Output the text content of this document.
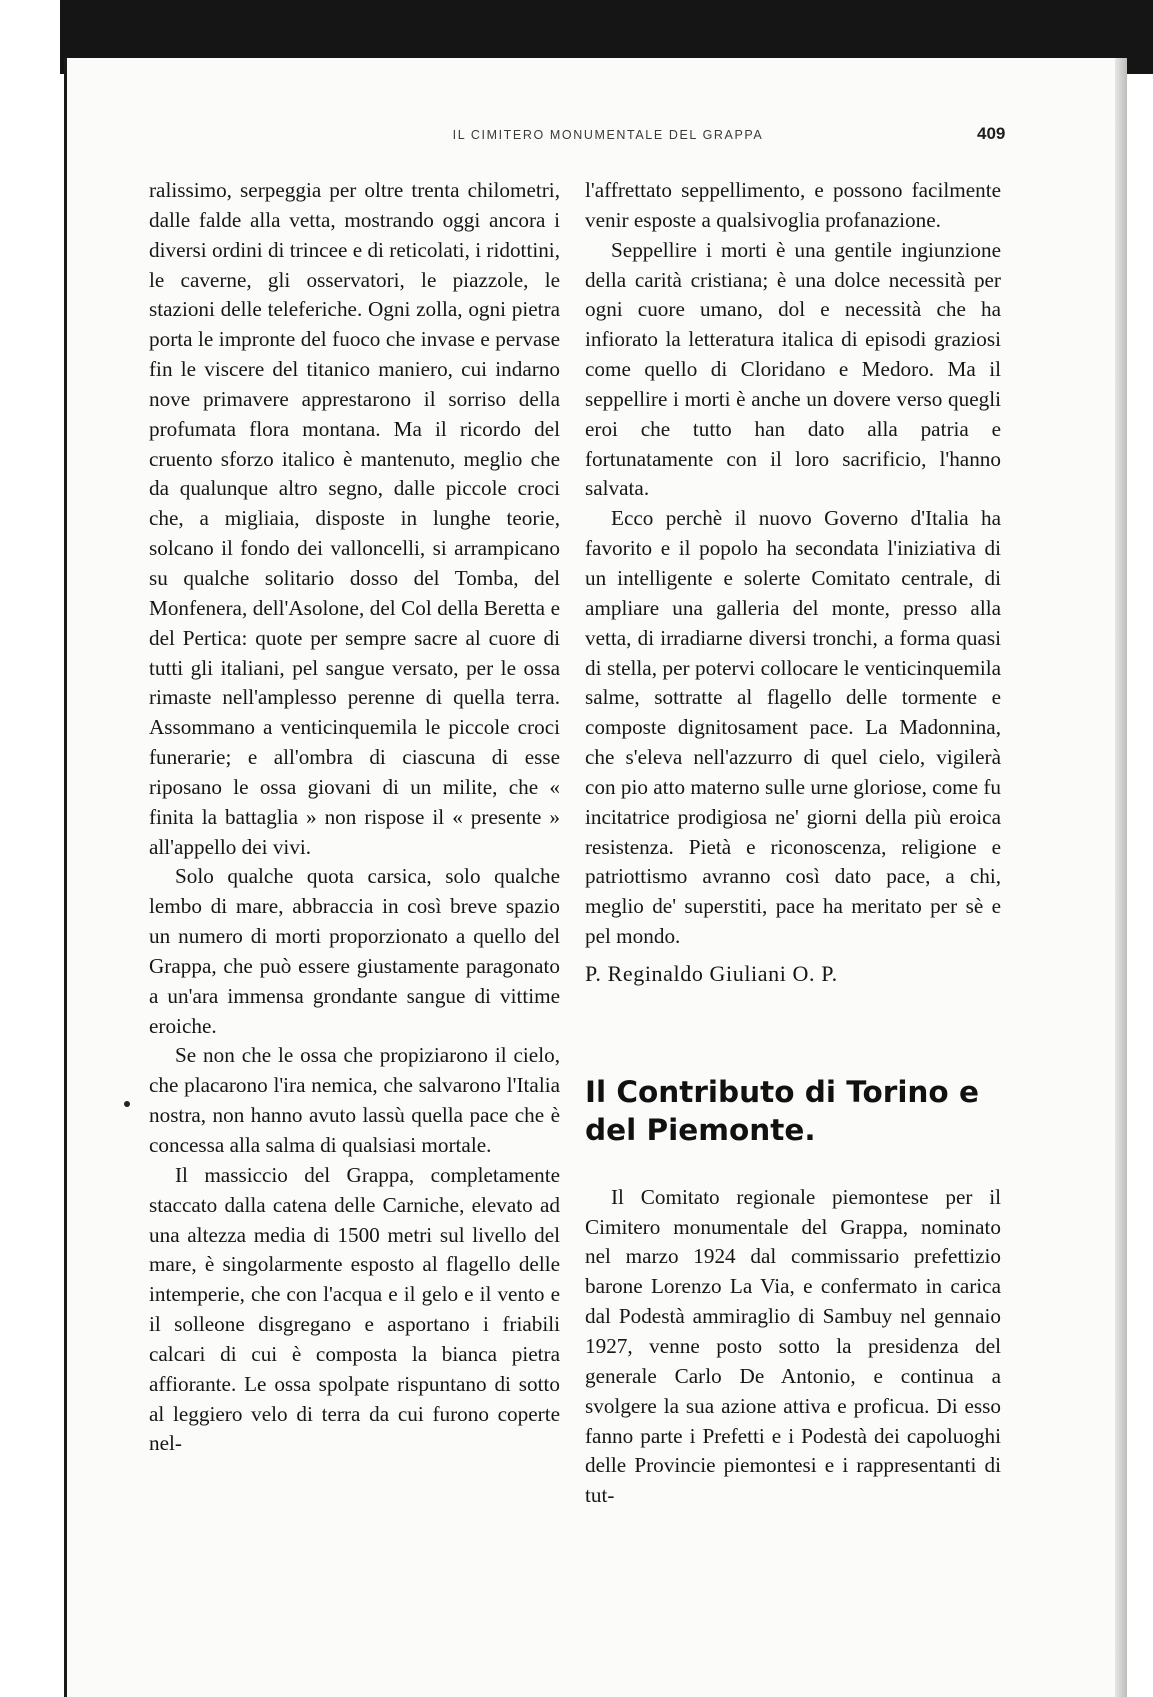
IL CIMITERO MONUMENTALE DEL GRAPPA	409

ralissimo, serpeggia per oltre trenta chilometri, dalle falde alla vetta, mostrando oggi ancora i diversi ordini di trincee e di reticolati, i ridottini, le caverne, gli osservatori, le piazzole, le stazioni delle teleferiche. Ogni zolla, ogni pietra porta le impronte del fuoco che invase e pervase fin le viscere del titanico maniero, cui indarno nove primavere apprestarono il sorriso della profumata flora montana. Ma il ricordo del cruento sforzo italico è mantenuto, meglio che da qualunque altro segno, dalle piccole croci che, a migliaia, disposte in lunghe teorie, solcano il fondo dei valloncelli, si arrampicano su qualche solitario dosso del Tomba, del Monfenera, dell'Asolone, del Col della Beretta e del Pertica: quote per sempre sacre al cuore di tutti gli italiani, pel sangue versato, per le ossa rimaste nell'amplesso perenne di quella terra. Assommano a venticinquemila le piccole croci funerarie; e all'ombra di ciascuna di esse riposano le ossa giovani di un milite, che « finita la battaglia » non rispose il « presente » all'appello dei vivi.

Solo qualche quota carsica, solo qualche lembo di mare, abbraccia in così breve spazio un numero di morti proporzionato a quello del Grappa, che può essere giustamente paragonato a un'ara immensa grondante sangue di vittime eroiche.

Se non che le ossa che propiziarono il cielo, che placarono l'ira nemica, che salvarono l'Italia nostra, non hanno avuto lassù quella pace che è concessa alla salma di qualsiasi mortale.

Il massiccio del Grappa, completamente staccato dalla catena delle Carniche, elevato ad una altezza media di 1500 metri sul livello del mare, è singolarmente esposto al flagello delle intemperie, che con l'acqua e il gelo e il vento e il solleone disgregano e asportano i friabili calcari di cui è composta la bianca pietra affiorante. Le ossa spolpate rispuntano di sotto al leggiero velo di terra da cui furono coperte nel-

l'affrettato seppellimento, e possono facilmente venir esposte a qualsivoglia profanazione.

Seppellire i morti è una gentile ingiunzione della carità cristiana; è una dolce necessità per ogni cuore umano, dol e necessità che ha infiorato la letteratura italica di episodi graziosi come quello di Cloridano e Medoro. Ma il seppellire i morti è anche un dovere verso quegli eroi che tutto han dato alla patria e fortunatamente con il loro sacrificio, l'hanno salvata.

Ecco perchè il nuovo Governo d'Italia ha favorito e il popolo ha secondata l'iniziativa di un intelligente e solerte Comitato centrale, di ampliare una galleria del monte, presso alla vetta, di irradiarne diversi tronchi, a forma quasi di stella, per potervi collocare le venticinquemila salme, sottratte al flagello delle tormente e composte dignitosament pace. La Madonnina, che s'eleva nell'azzurro di quel cielo, vigilerà con pio atto materno sulle urne gloriose, come fu incitatrice prodigiosa ne' giorni della più eroica resistenza. Pietà e riconoscenza, religione e patriottismo avranno così dato pace, a chi, meglio de' superstiti, pace ha meritato per sè e pel mondo.

P. Reginaldo Giuliani O. P.

Il Contributo di Torino e del Piemonte.

Il Comitato regionale piemontese per il Cimitero monumentale del Grappa, nominato nel marzo 1924 dal commissario prefettizio barone Lorenzo La Via, e confermato in carica dal Podestà ammiraglio di Sambuy nel gennaio 1927, venne posto sotto la presidenza del generale Carlo De Antonio, e continua a svolgere la sua azione attiva e proficua. Di esso fanno parte i Prefetti e i Podestà dei capoluoghi delle Provincie piemontesi e i rappresentanti di tut-
